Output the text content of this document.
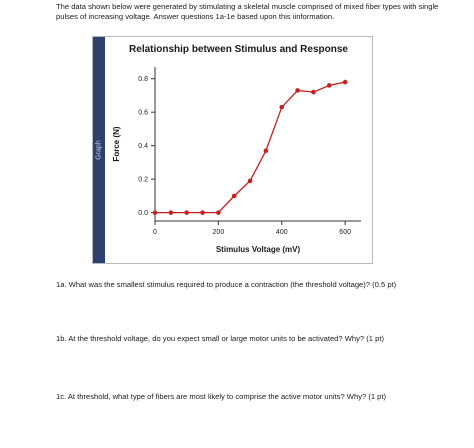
The data shown below were generated by stimulating a skeletal muscle comprised of mixed fiber types with single pulses of increasing voltage. Answer questions 1a-1e based upon this iinformation.
Graph
Relationship between Stimulus and Response
0.0
0.2
0.4
0.6
0.8
0	200	400	600
Stimulus Voltage (mV)
Force (N)
1a. What was the smallest stimulus required to produce a contraction (the threshold voltage)? (0.5 pt)
1b. At the threshold voltage, do you expect small or large motor units to be activated? Why? (1 pt)
1c. At threshold, what type of fibers are most likely to comprise the active motor units? Why? (1 pt)
